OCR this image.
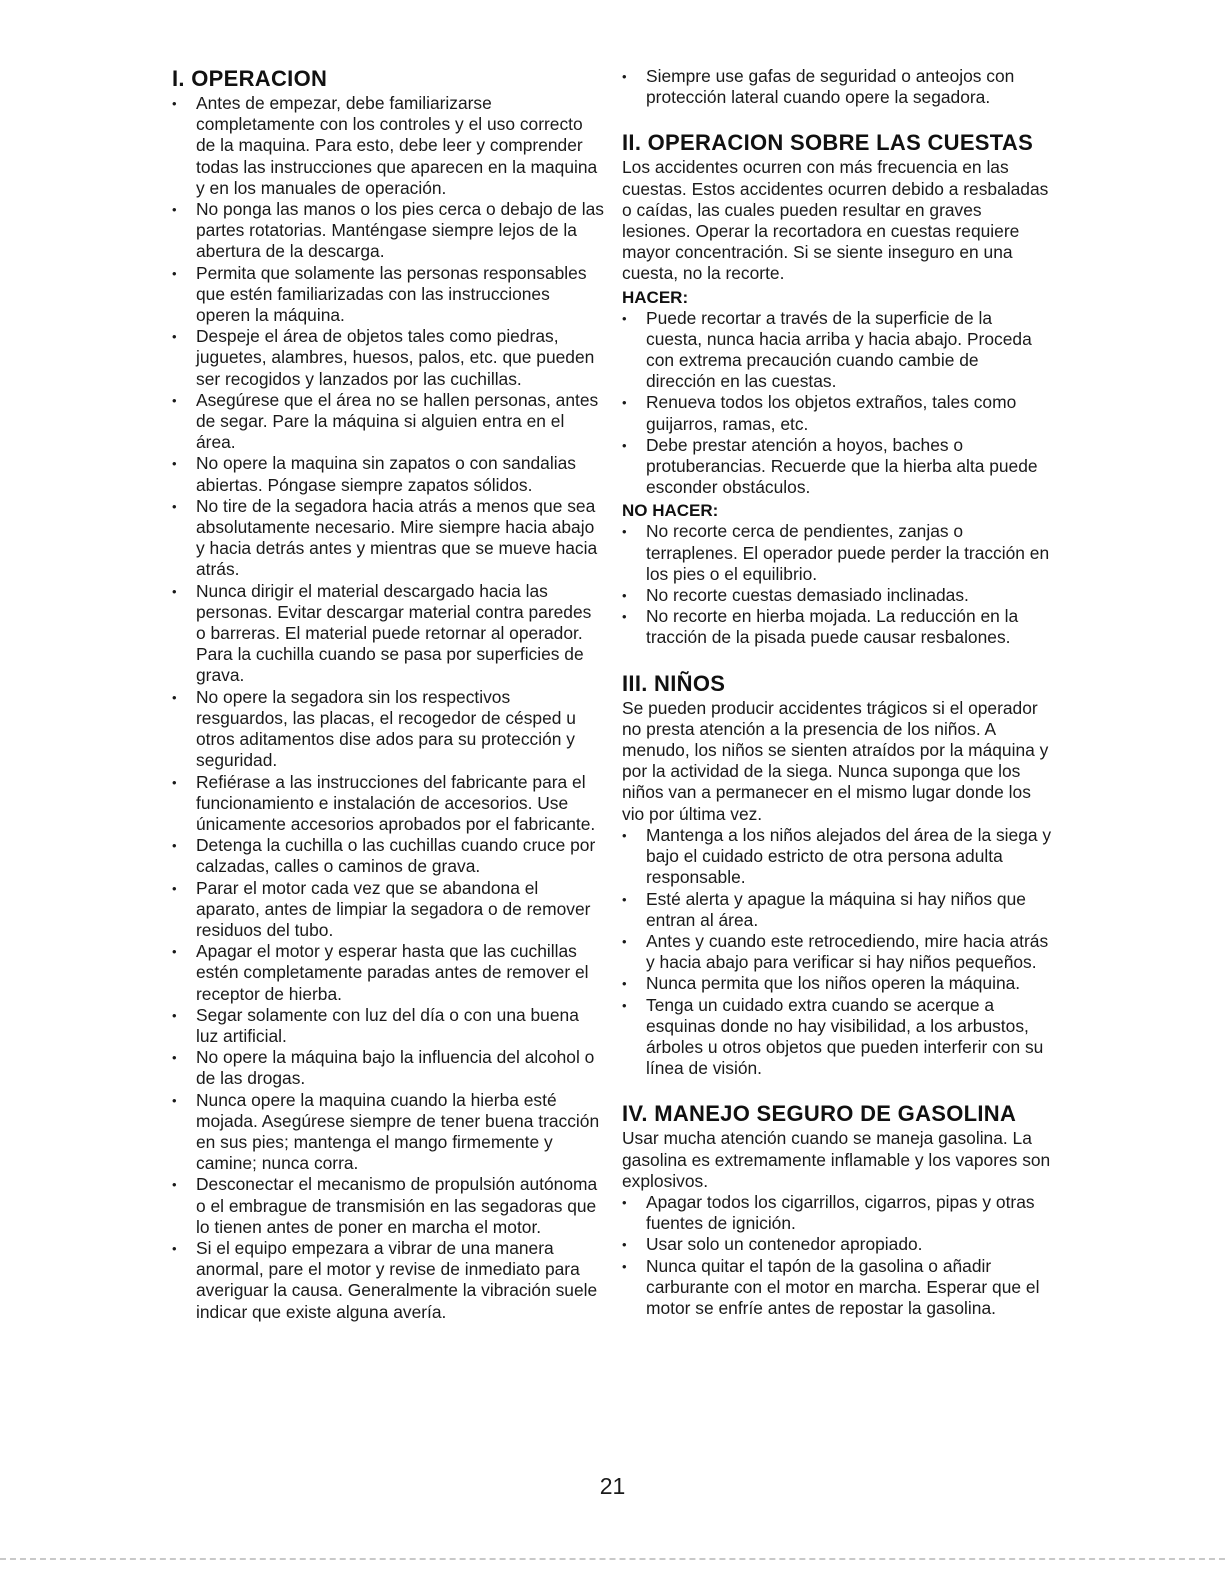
I. OPERACION
• Antes de empezar, debe familiarizarse completamente con los controles y el uso correcto de la maquina. Para esto, debe leer y comprender todas las instrucciones que aparecen en la maquina y en los manuales de operación.
• No ponga las manos o los pies cerca o debajo de las partes rotatorias. Manténgase siempre lejos de la abertura de la descarga.
• Permita que solamente las personas responsables que estén familiarizadas con las instrucciones operen la máquina.
• Despeje el área de objetos tales como piedras, juguetes, alambres, huesos, palos, etc. que pueden ser recogidos y lanzados por las cuchillas.
• Asegúrese que el área no se hallen personas, antes de segar. Pare la máquina si alguien entra en el área.
• No opere la maquina sin zapatos o con sandalias abiertas. Póngase siempre zapatos sólidos.
• No tire de la segadora hacia atrás a menos que sea absolutamente necesario. Mire siempre hacia abajo y hacia detrás antes y mientras que se mueve hacia atrás.
• Nunca dirigir el material descargado hacia las personas. Evitar descargar material contra paredes o barreras. El material puede retornar al operador. Para la cuchilla cuando se pasa por superficies de grava.
• No opere la segadora sin los respectivos resguardos, las placas, el recogedor de césped u otros aditamentos dise ados para su protección y seguridad.
• Refiérase a las instrucciones del fabricante para el funcionamiento e instalación de accesorios. Use únicamente accesorios aprobados por el fabricante.
• Detenga la cuchilla o las cuchillas cuando cruce por calzadas, calles o caminos de grava.
• Parar el motor cada vez que se abandona el aparato, antes de limpiar la segadora o de remover residuos del tubo.
• Apagar el motor y esperar hasta que las cuchillas estén completamente paradas antes de remover el receptor de hierba.
• Segar solamente con luz del día o con una buena luz artificial.
• No opere la máquina bajo la influencia del alcohol o de las drogas.
• Nunca opere la maquina cuando la hierba esté mojada. Asegúrese siempre de tener buena tracción en sus pies; mantenga el mango firmemente y camine; nunca corra.
• Desconectar el mecanismo de propulsión autónoma o el embrague de transmisión en las segadoras que lo tienen antes de poner en marcha el motor.
• Si el equipo empezara a vibrar de una manera anormal, pare el motor y revise de inmediato para averiguar la causa. Generalmente la vibración suele indicar que existe alguna avería.
• Siempre use gafas de seguridad o anteojos con protección lateral cuando opere la segadora.
II. OPERACION SOBRE LAS CUESTAS

Los accidentes ocurren con más frecuencia en las cuestas. Estos accidentes ocurren debido a resbaladas o caídas, las cuales pueden resultar en graves lesiones. Operar la recortadora en cuestas requiere mayor concentración. Si se siente inseguro en una cuesta, no la recorte.

HACER:
• Puede recortar a través de la superficie de la cuesta, nunca hacia arriba y hacia abajo. Proceda con extrema precaución cuando cambie de dirección en las cuestas.
• Renueva todos los objetos extraños, tales como guijarros, ramas, etc.
• Debe prestar atención a hoyos, baches o protuberancias. Recuerde que la hierba alta puede esconder obstáculos.
NO HACER:
• No recorte cerca de pendientes, zanjas o terraplenes. El operador puede perder la tracción en los pies o el equilibrio.
• No recorte cuestas demasiado inclinadas.
• No recorte en hierba mojada. La reducción en la tracción de la pisada puede causar resbalones.
III. NIÑOS

Se pueden producir accidentes trágicos si el operador no presta atención a la presencia de los niños. A menudo, los niños se sienten atraídos por la máquina y por la actividad de la siega. Nunca suponga que los niños van a permanecer en el mismo lugar donde los vio por última vez.

• Mantenga a los niños alejados del área de la siega y bajo el cuidado estricto de otra persona adulta responsable.
• Esté alerta y apague la máquina si hay niños que entran al área.
• Antes y cuando este retrocediendo, mire hacia atrás y hacia abajo para verificar si hay niños pequeños.
• Nunca permita que los niños operen la máquina.
• Tenga un cuidado extra cuando se acerque a esquinas donde no hay visibilidad, a los arbustos, árboles u otros objetos que pueden interferir con su línea de visión.
IV. MANEJO SEGURO DE GASOLINA

Usar mucha atención cuando se maneja gasolina. La gasolina es extremamente inflamable y los vapores son explosivos.

• Apagar todos los cigarrillos, cigarros, pipas y otras fuentes de ignición.
• Usar solo un contenedor apropiado.
• Nunca quitar el tapón de la gasolina o añadir carburante con el motor en marcha. Esperar que el motor se enfríe antes de repostar la gasolina.
21
